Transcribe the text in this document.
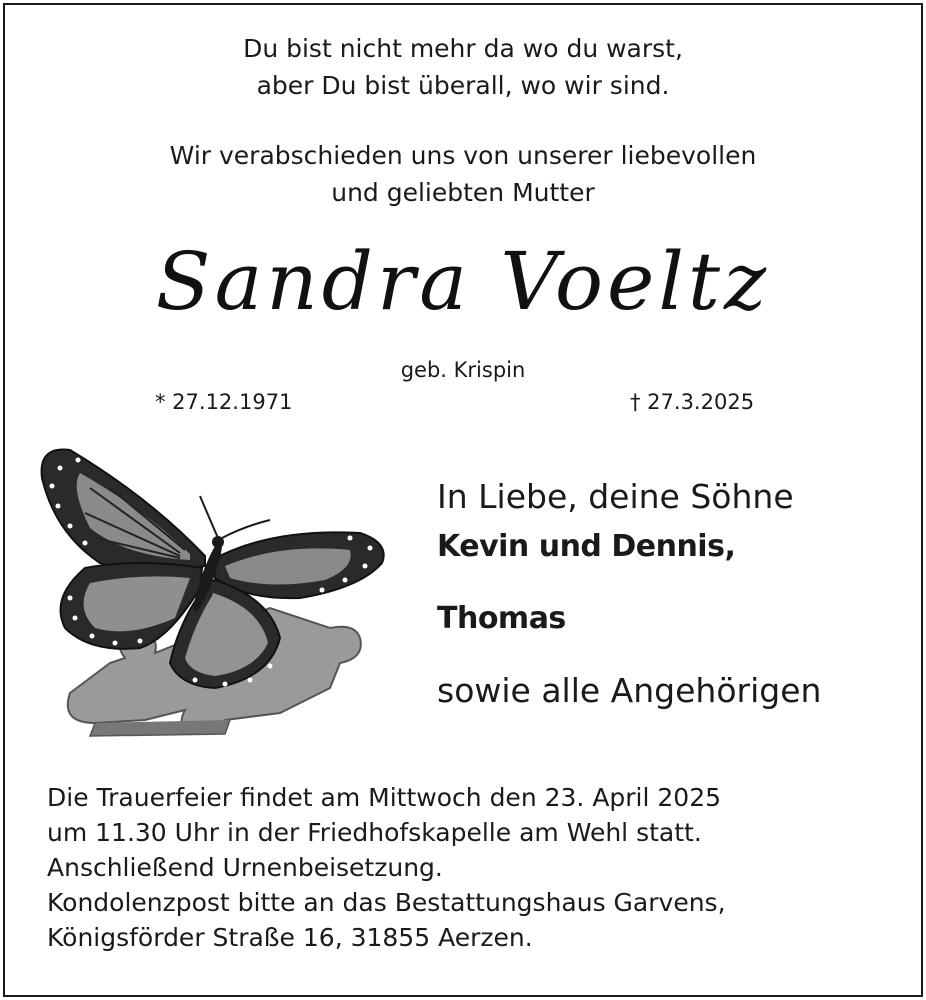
Du bist nicht mehr da wo du warst,
aber Du bist überall, wo wir sind.
Wir verabschieden uns von unserer liebevollen
und geliebten Mutter
Sandra Voeltz
geb. Krispin
* 27.12.1971	† 27.3.2025
In Liebe, deine Söhne
Kevin und Dennis,
Thomas
sowie alle Angehörigen
Die Trauerfeier findet am Mittwoch den 23. April 2025
um 11.30 Uhr in der Friedhofskapelle am Wehl statt.
Anschließend Urnenbeisetzung.
Kondolenzpost bitte an das Bestattungshaus Garvens,
Königsförder Straße 16, 31855 Aerzen.
